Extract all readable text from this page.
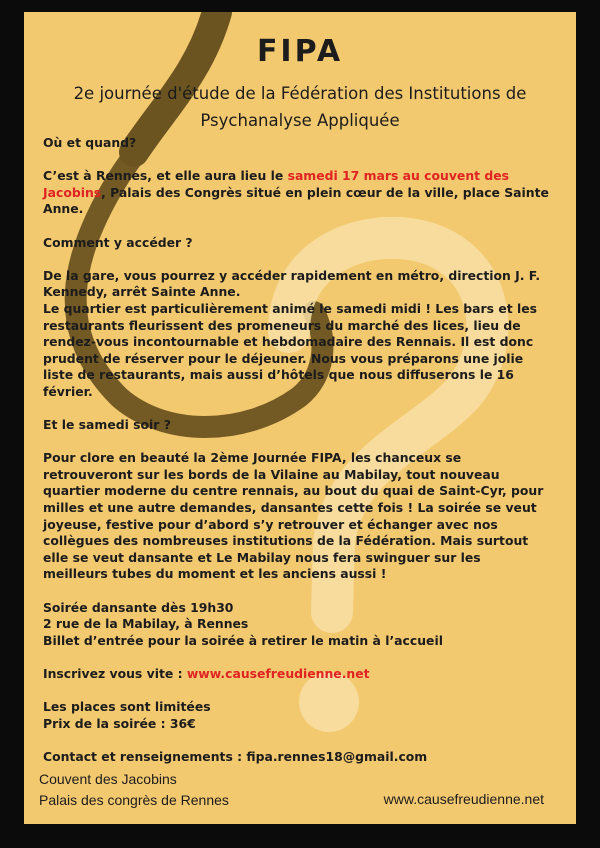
FIPA
2e journée d'étude de la Fédération des Institutions de
Psychanalyse Appliquée

Où et quand?

C’est à Rennes, et elle aura lieu le samedi 17 mars au couvent des Jacobins, Palais des Congrès situé en plein cœur de la ville, place Sainte Anne.

Comment y accéder ?

De la gare, vous pourrez y accéder rapidement en métro, direction J. F. Kennedy, arrêt Sainte Anne.

Le quartier est particulièrement animé le samedi midi ! Les bars et les restaurants fleurissent des promeneurs du marché des lices, lieu de rendez-vous incontournable et hebdomadaire des Rennais. Il est donc prudent de réserver pour le déjeuner. Nous vous préparons une jolie liste de restaurants, mais aussi d’hôtels que nous diffuserons le 16 février.

Et le samedi soir ?

Pour clore en beauté la 2ème Journée FIPA, les chanceux se retrouveront sur les bords de la Vilaine au Mabilay, tout nouveau quartier moderne du centre rennais, au bout du quai de Saint-Cyr, pour milles et une autre demandes, dansantes cette fois ! La soirée se veut joyeuse, festive pour d’abord s’y retrouver et échanger avec nos collègues des nombreuses institutions de la Fédération. Mais surtout elle se veut dansante et Le Mabilay nous fera swinguer sur les meilleurs tubes du moment et les anciens aussi !

Soirée dansante dès 19h30

2 rue de la Mabilay, à Rennes

Billet d’entrée pour la soirée à retirer le matin à l’accueil

Inscrivez vous vite : www.causefreudienne.net

Les places sont limitées

Prix de la soirée : 36€

Contact et renseignements : fipa.rennes18@gmail.com

Couvent des Jacobins
Palais des congrès de Rennes	www.causefreudienne.net
